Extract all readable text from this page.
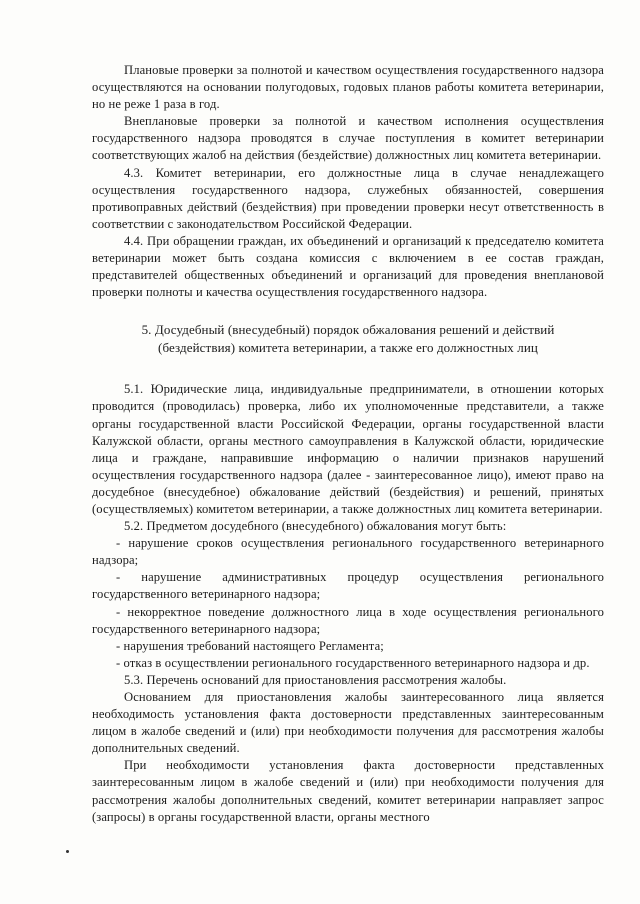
Плановые проверки за полнотой и качеством осуществления государственного надзора осуществляются на основании полугодовых, годовых планов работы комитета ветеринарии, но не реже 1 раза в год.

Внеплановые проверки за полнотой и качеством исполнения осуществления государственного надзора проводятся в случае поступления в комитет ветеринарии соответствующих жалоб на действия (бездействие) должностных лиц комитета ветеринарии.

4.3. Комитет ветеринарии, его должностные лица в случае ненадлежащего осуществления государственного надзора, служебных обязанностей, совершения противоправных действий (бездействия) при проведении проверки несут ответственность в соответствии с законодательством Российской Федерации.

4.4. При обращении граждан, их объединений и организаций к председателю комитета ветеринарии может быть создана комиссия с включением в ее состав граждан, представителей общественных объединений и организаций для проведения внеплановой проверки полноты и качества осуществления государственного надзора.

5. Досудебный (внесудебный) порядок обжалования решений и действий
(бездействия) комитета ветеринарии, а также его должностных лиц

5.1. Юридические лица, индивидуальные предприниматели, в отношении которых проводится (проводилась) проверка, либо их уполномоченные представители, а также органы государственной власти Российской Федерации, органы государственной власти Калужской области, органы местного самоуправления в Калужской области, юридические лица и граждане, направившие информацию о наличии признаков нарушений осуществления государственного надзора (далее - заинтересованное лицо), имеют право на досудебное (внесудебное) обжалование действий (бездействия) и решений, принятых (осуществляемых) комитетом ветеринарии, а также должностных лиц комитета ветеринарии.

5.2. Предметом досудебного (внесудебного) обжалования могут быть:

- нарушение сроков осуществления регионального государственного ветеринарного надзора;

- нарушение административных процедур осуществления регионального государственного ветеринарного надзора;

- некорректное поведение должностного лица в ходе осуществления регионального государственного ветеринарного надзора;

- нарушения требований настоящего Регламента;

- отказ в осуществлении регионального государственного ветеринарного надзора и др.

5.3. Перечень оснований для приостановления рассмотрения жалобы.

Основанием для приостановления жалобы заинтересованного лица является необходимость установления факта достоверности представленных заинтересованным лицом в жалобе сведений и (или) при необходимости получения для рассмотрения жалобы дополнительных сведений.

При необходимости установления факта достоверности представленных заинтересованным лицом в жалобе сведений и (или) при необходимости получения для рассмотрения жалобы дополнительных сведений, комитет ветеринарии направляет запрос (запросы) в органы государственной власти, органы местного
